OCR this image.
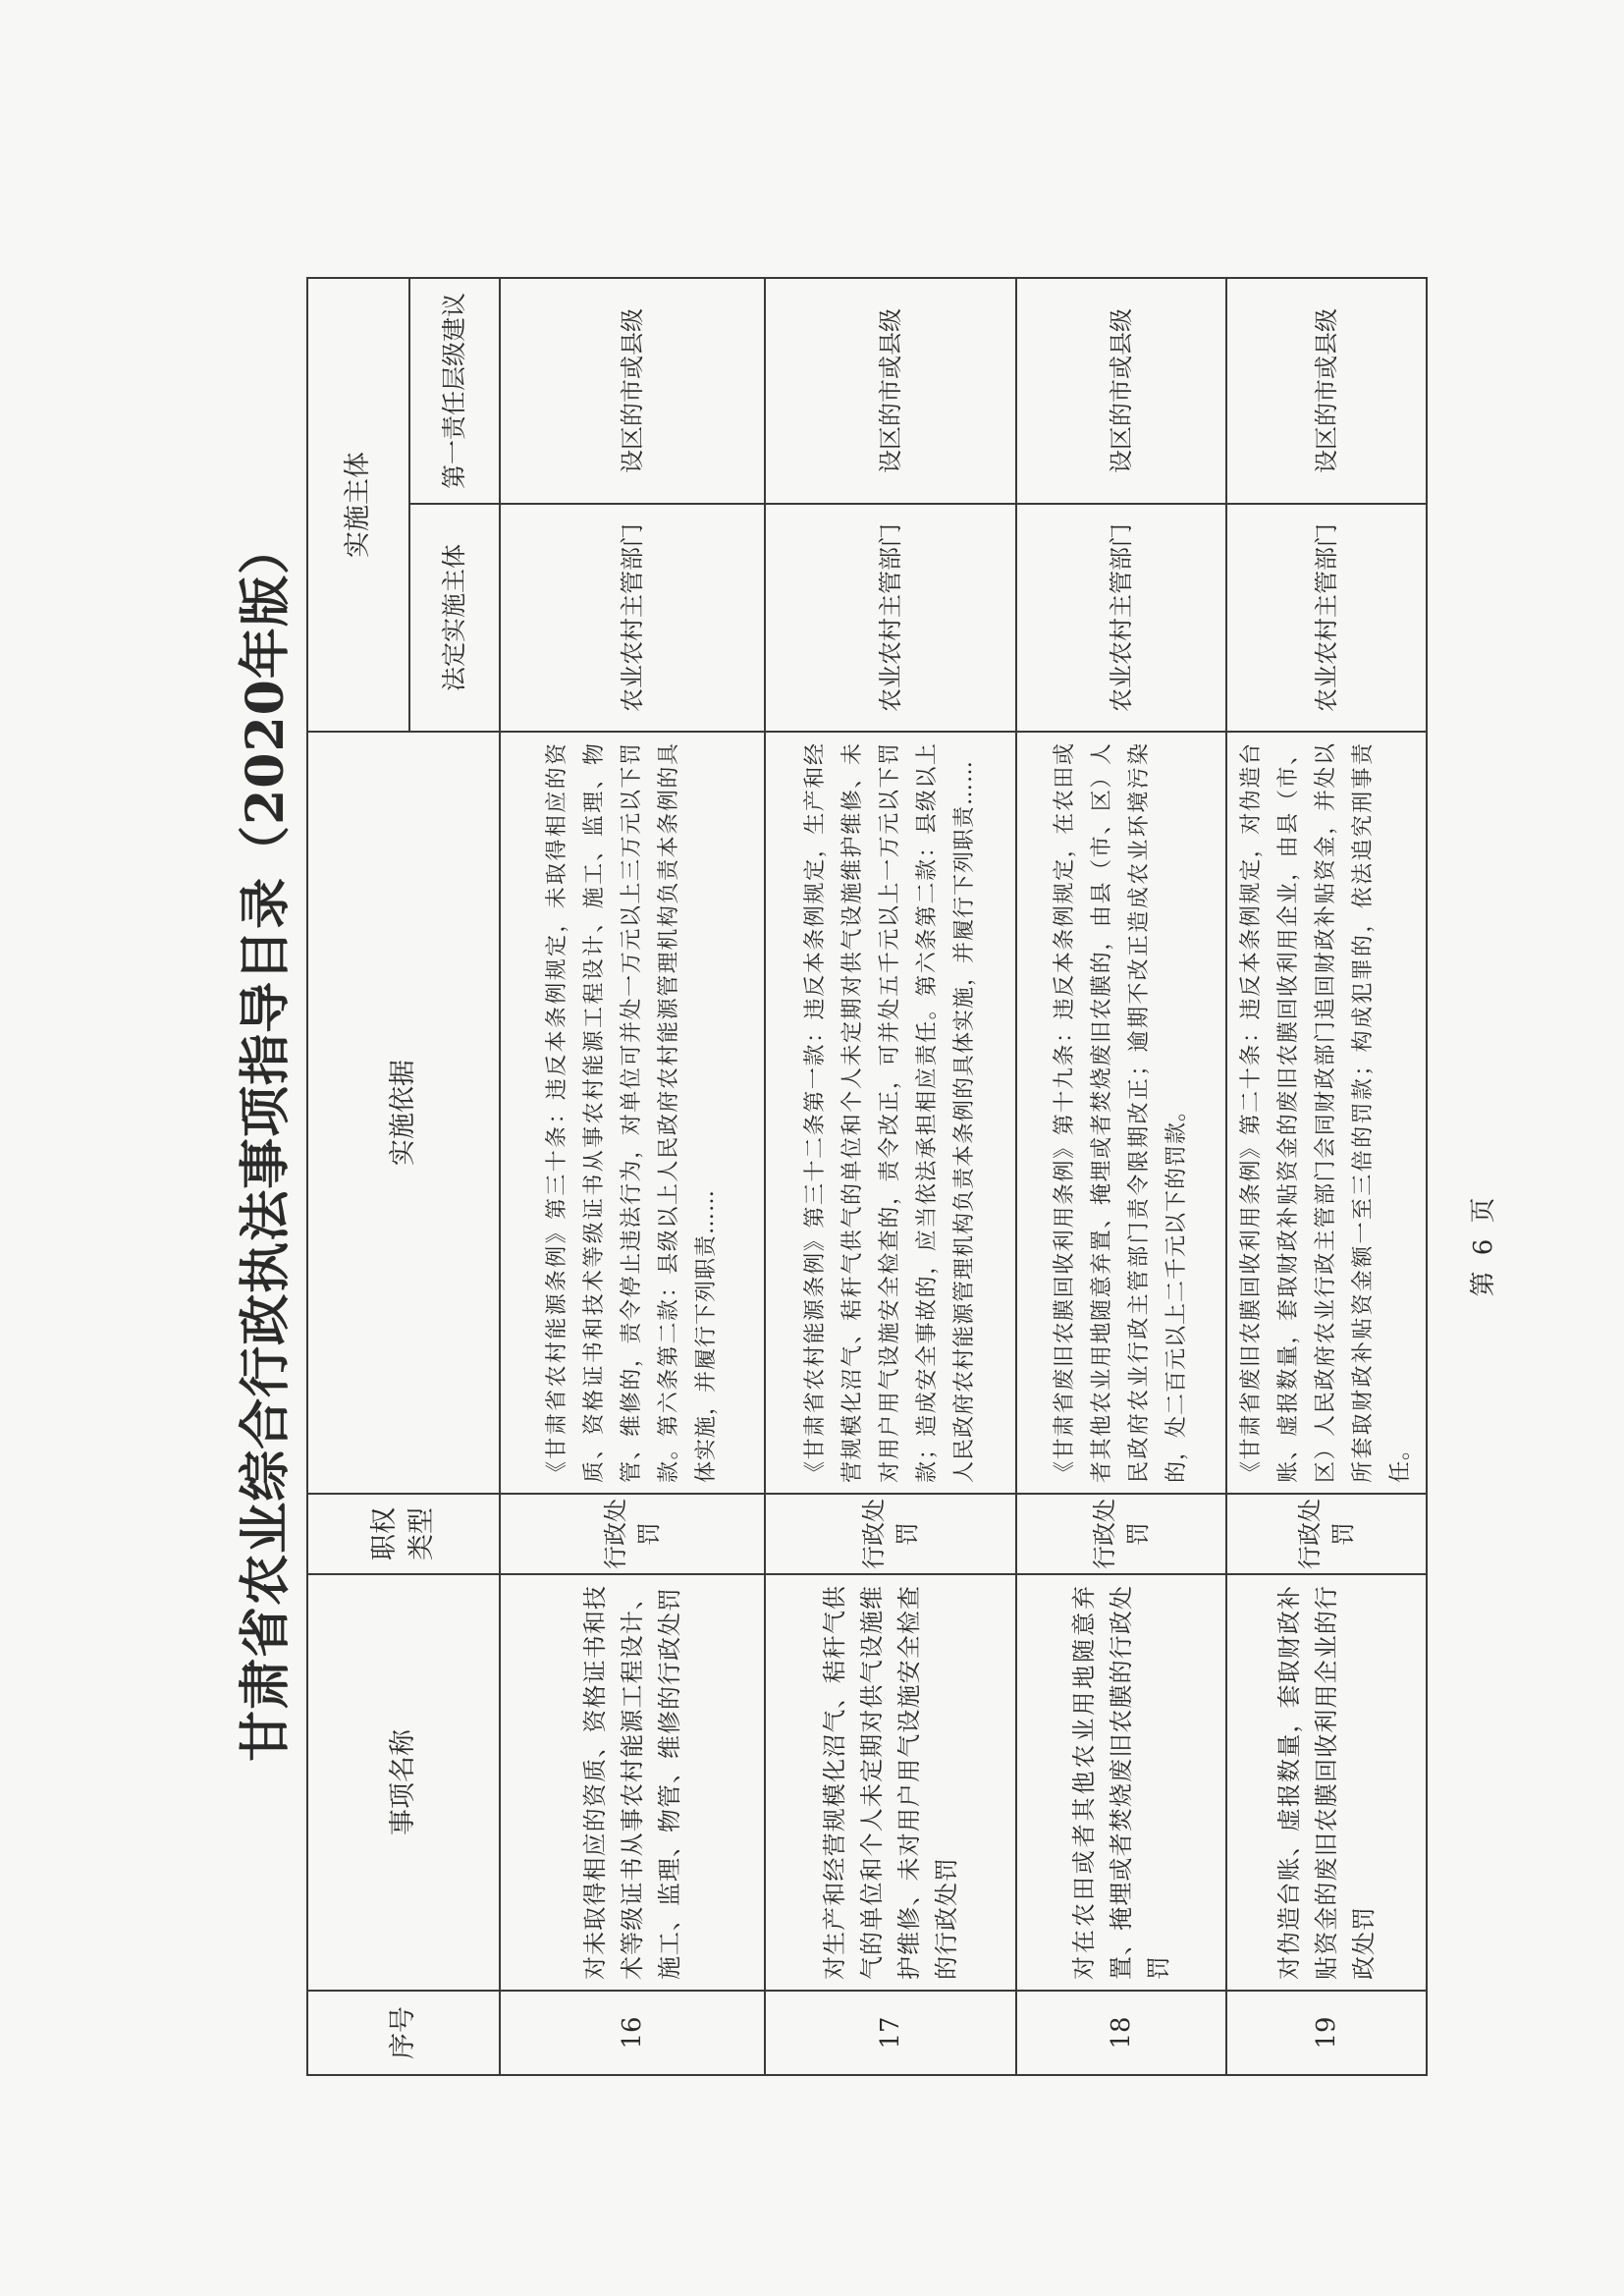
甘肃省农业综合行政执法事项指导目录（2020年版）
序号	事项名称	职权类型	实施依据	实施主体	
				法定实施主体	第一责任层级建议
16	对未取得相应的资质、资格证书和技术等级证书从事农村能源工程设计、施工、监理、物管、维修的行政处罚	行政处罚	《甘肃省农村能源条例》第三十条：违反本条例规定，未取得相应的资质、资格证书和技术等级证书从事农村能源工程设计、施工、监理、物管、维修的，责令停止违法行为，对单位可并处一万元以上三万元以下罚款。第六条第二款：县级以上人民政府农村能源管理机构负责本条例的具体实施，并履行下列职责……	农业农村主管部门	设区的市或县级
17	对生产和经营规模化沼气、秸秆气供气的单位和个人未定期对供气设施维护维修、未对用户用气设施安全检查的行政处罚	行政处罚	《甘肃省农村能源条例》第三十二条第一款：违反本条例规定，生产和经营规模化沼气、秸秆气供气的单位和个人未定期对供气设施维护维修、未对用户用气设施安全检查的，责令改正，可并处五千元以上一万元以下罚款；造成安全事故的，应当依法承担相应责任。第六条第二款：县级以上人民政府农村能源管理机构负责本条例的具体实施，并履行下列职责……	农业农村主管部门	设区的市或县级
18	对在农田或者其他农业用地随意弃置、掩埋或者焚烧废旧农膜的行政处罚	行政处罚	《甘肃省废旧农膜回收利用条例》第十九条：违反本条例规定，在农田或者其他农业用地随意弃置、掩埋或者焚烧废旧农膜的，由县（市、区）人民政府农业行政主管部门责令限期改正；逾期不改正造成农业环境污染的，处二百元以上二千元以下的罚款。	农业农村主管部门	设区的市或县级
19	对伪造台账、虚报数量，套取财政补贴资金的废旧农膜回收利用企业的行政处罚	行政处罚	《甘肃省废旧农膜回收利用条例》第二十条：违反本条例规定，对伪造台账、虚报数量，套取财政补贴资金的废旧农膜回收利用企业，由县（市、区）人民政府农业行政主管部门会同财政部门追回财政补贴资金，并处以所套取财政补贴资金额一至三倍的罚款；构成犯罪的，依法追究刑事责任。	农业农村主管部门	设区的市或县级
第 6 页
